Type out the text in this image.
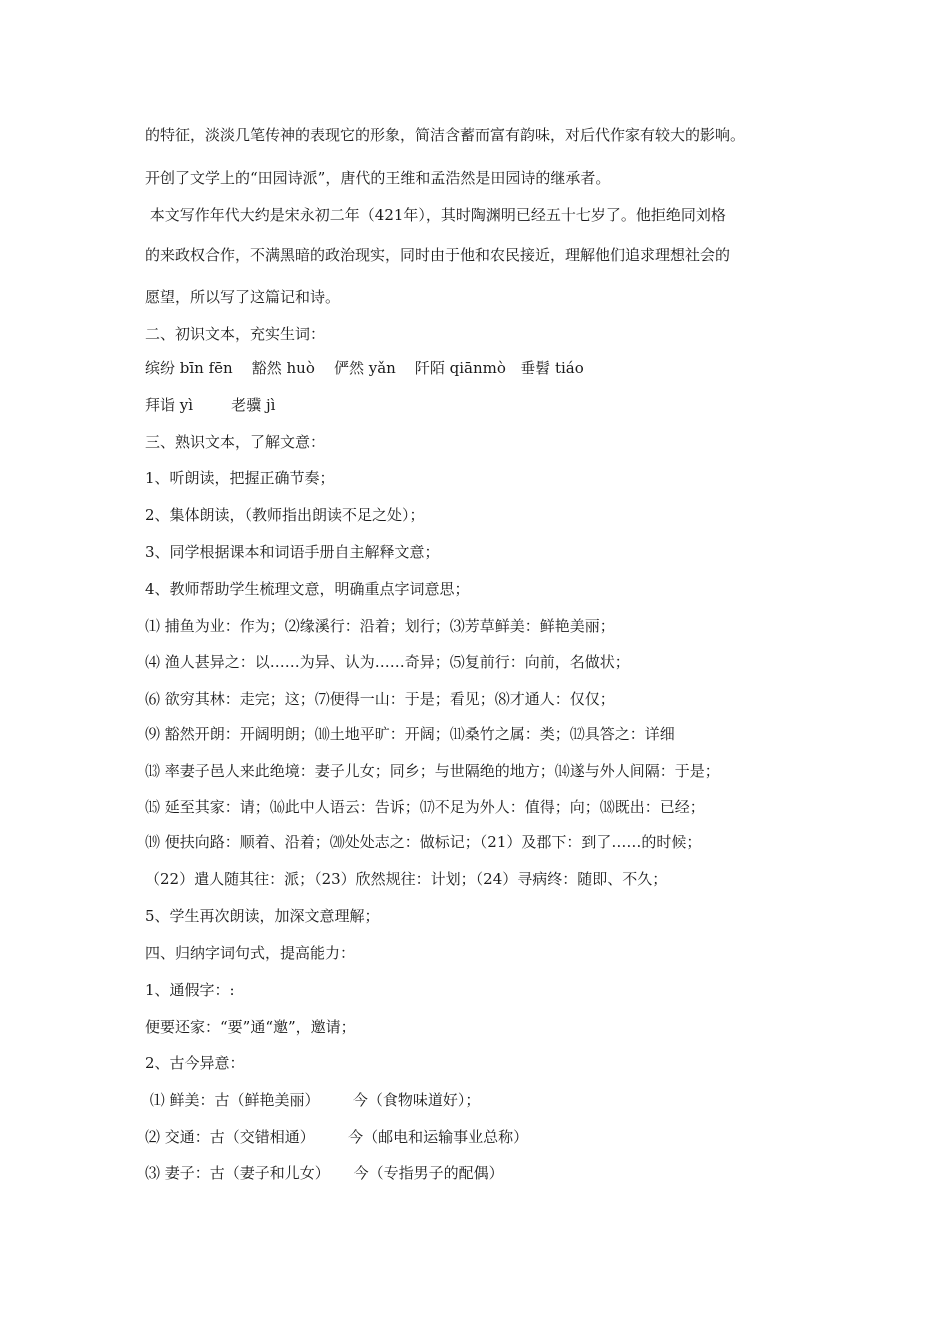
的特征，淡淡几笔传神的表现它的形象，简洁含蓄而富有韵味，对后代作家有较大的影响。
开创了文学上的“田园诗派”，唐代的王维和孟浩然是田园诗的继承者。
本文写作年代大约是宋永初二年（421年），其时陶渊明已经五十七岁了。他拒绝同刘格
的来政权合作，不满黑暗的政治现实，同时由于他和农民接近，理解他们追求理想社会的
愿望，所以写了这篇记和诗。
二、初识文本，充实生词：
缤纷 bīn fēn    豁然 huò    俨然 yǎn    阡陌 qiānmò   垂髫 tiáo
拜诣 yì        老骥 jì
三、熟识文本，了解文意：
1、听朗读，把握正确节奏；
2、集体朗读，（教师指出朗读不足之处）；
3、同学根据课本和词语手册自主解释文意；
4、教师帮助学生梳理文意，明确重点字词意思；
⑴ 捕鱼为业：作为；⑵缘溪行：沿着；划行；⑶芳草鲜美：鲜艳美丽；
⑷ 渔人甚异之：以……为异、认为……奇异；⑸复前行：向前，名做状；
⑹ 欲穷其林：走完；这；⑺便得一山：于是；看见；⑻才通人：仅仅；
⑼ 豁然开朗：开阔明朗；⑽土地平旷：开阔；⑾桑竹之属：类；⑿具答之：详细
⒀ 率妻子邑人来此绝境：妻子儿女；同乡；与世隔绝的地方；⒁遂与外人间隔：于是；
⒂ 延至其家：请；⒃此中人语云：告诉；⒄不足为外人：值得；向；⒅既出：已经；
⒆ 便扶向路：顺着、沿着；⒇处处志之：做标记；（21）及郡下：到了……的时候；
（22）遣人随其往：派；（23）欣然规往：计划；（24）寻病终：随即、不久；
5、学生再次朗读，加深文意理解；
四、归纳字词句式，提高能力：
1、通假字：:
便要还家：“要”通“邀”，邀请；
2、古今异意：
⑴ 鲜美：古（鲜艳美丽）       今（食物味道好）；
⑵ 交通：古（交错相通）       今（邮电和运输事业总称）
⑶ 妻子：古（妻子和儿女）     今（专指男子的配偶）
